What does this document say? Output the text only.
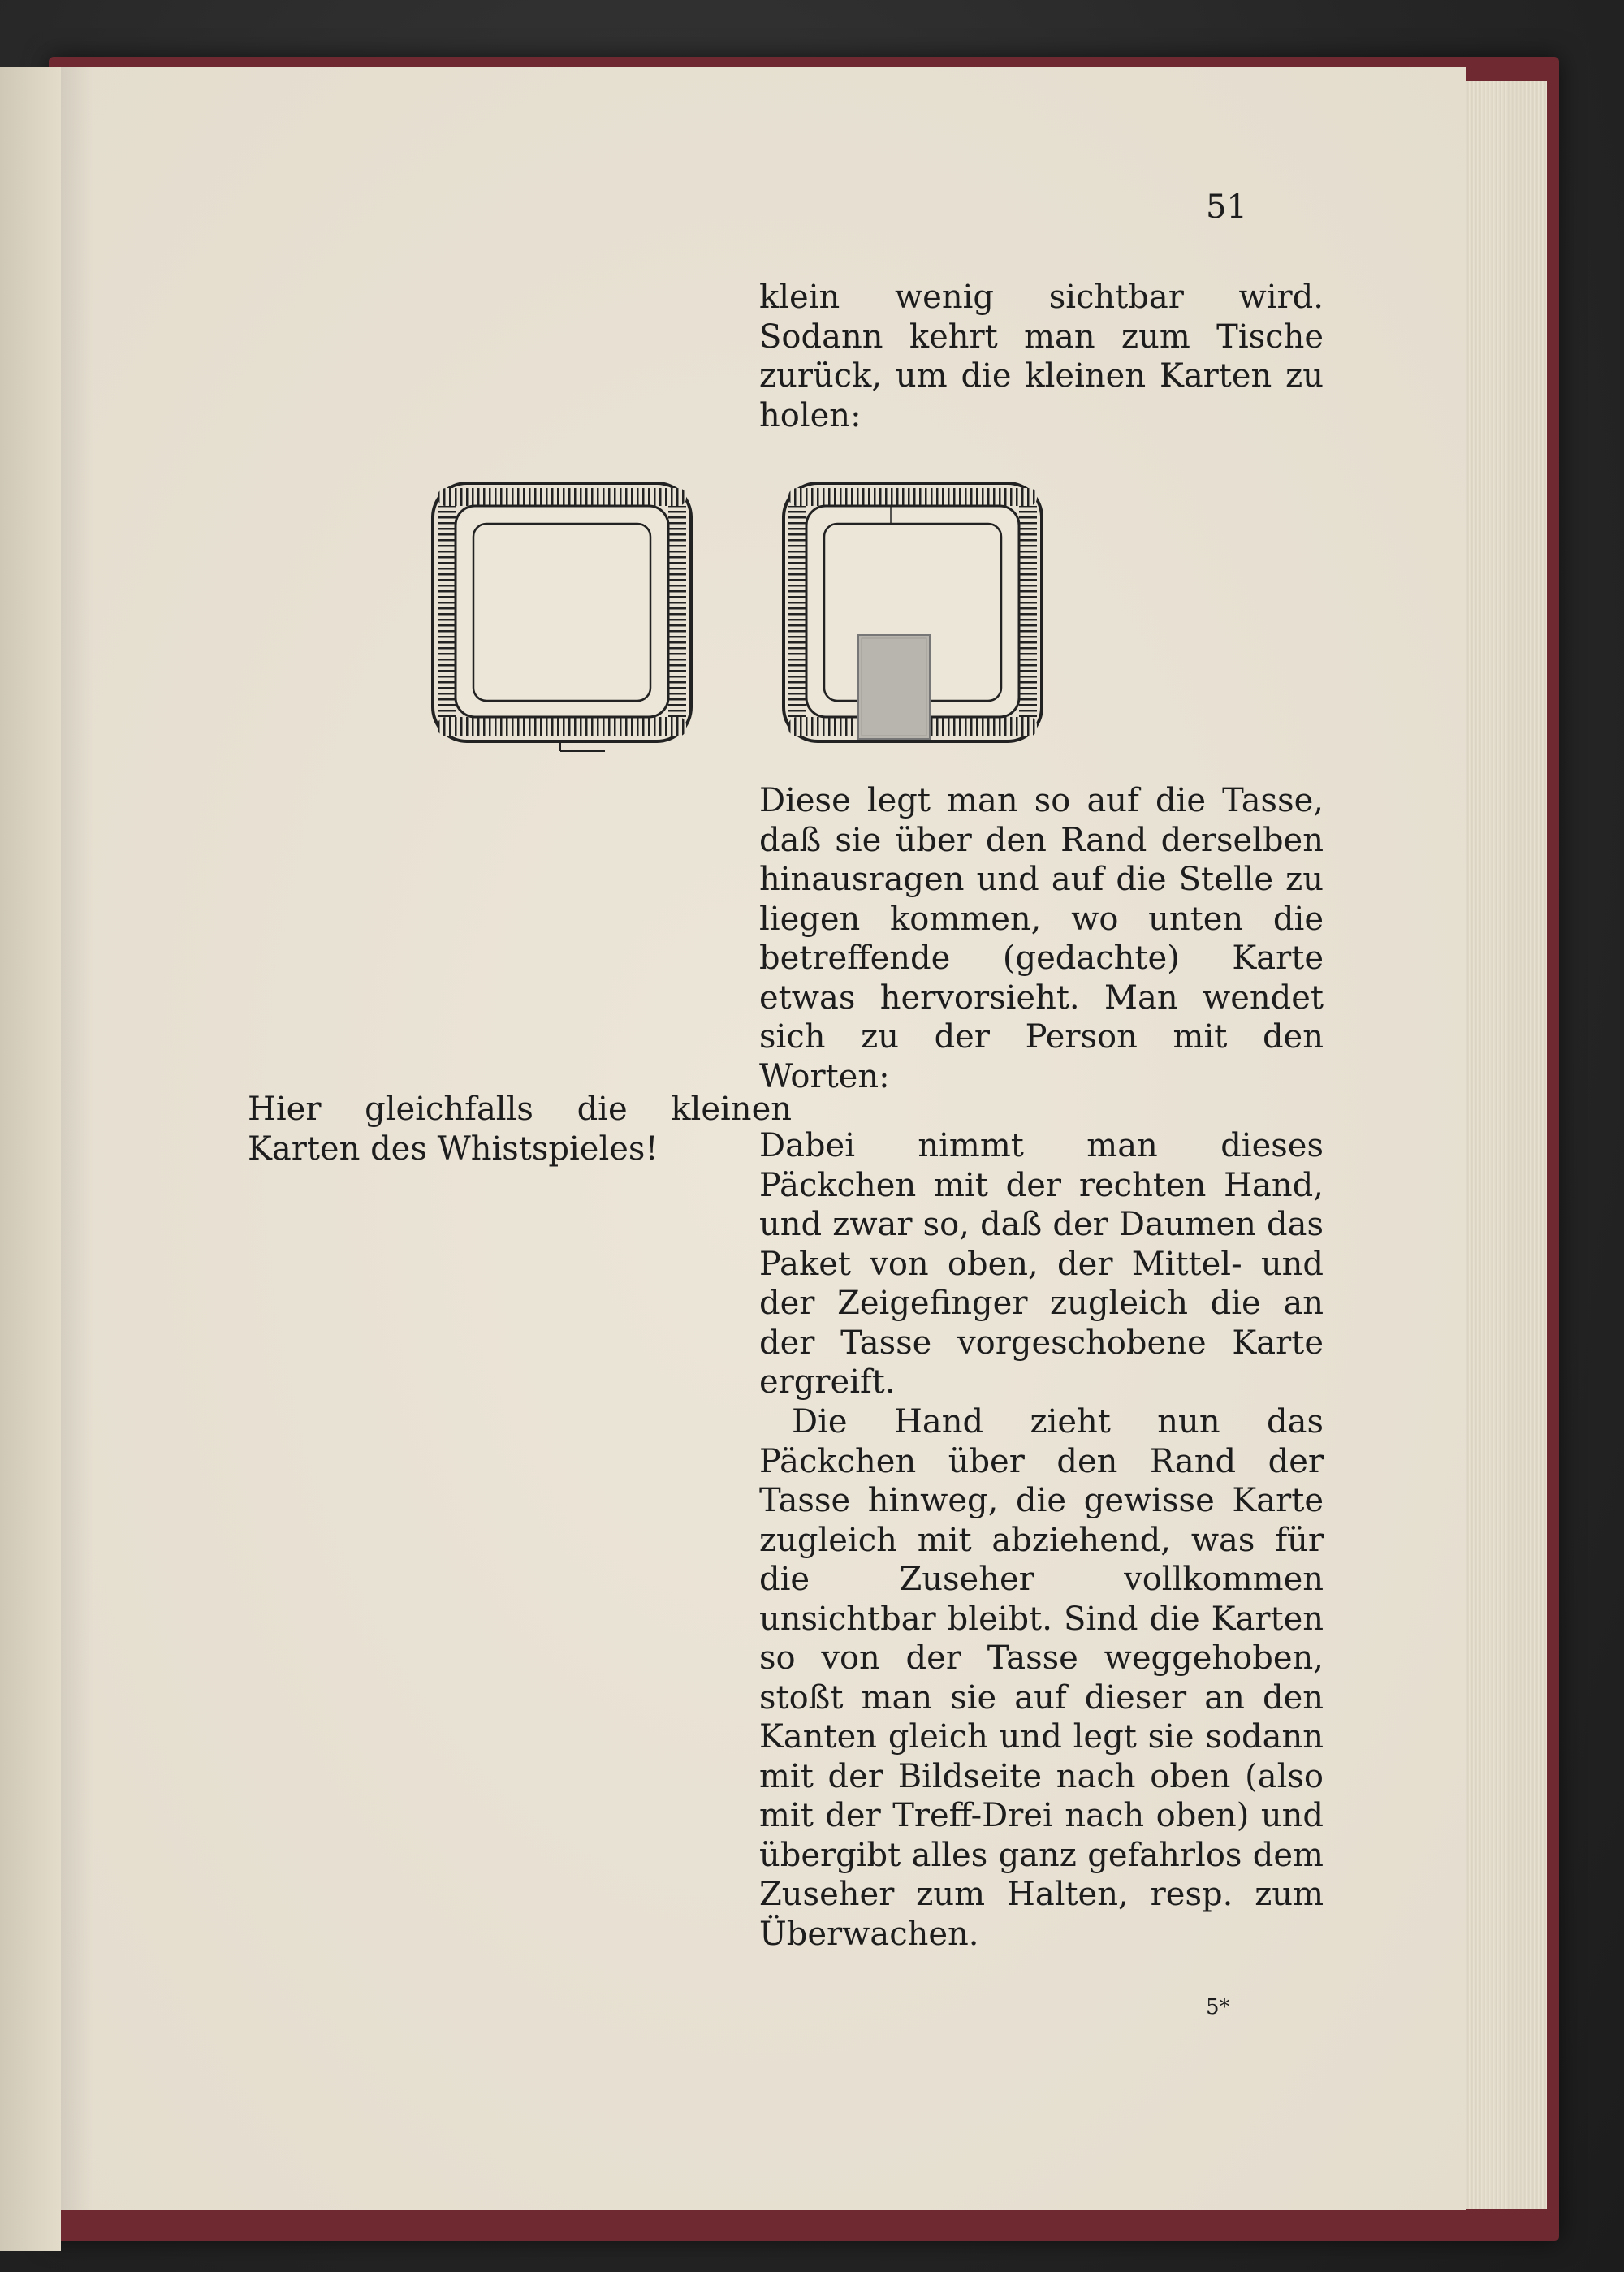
51
klein wenig sichtbar wird. Sodann kehrt man zum Tische zurück, um die kleinen Karten zu holen:
Diese legt man so auf die Tasse, daß sie über den Rand derselben hinausragen und auf die Stelle zu liegen kommen, wo unten die betreffende (gedachte) Karte etwas hervorsieht. Man wendet sich zu der Person mit den Worten:
Hier gleichfalls die kleinen Karten des Whistspieles!	Dabei nimmt man dieses Päckchen mit der rechten Hand, und zwar so, daß der Daumen das Paket von oben, der Mittel- und der Zeigefinger zugleich die an der Tasse vorgeschobene Karte ergreift.
Die Hand zieht nun das Päckchen über den Rand der Tasse hinweg, die gewisse Karte zugleich mit abziehend, was für die Zuseher vollkommen unsichtbar bleibt. Sind die Karten so von der Tasse weggehoben, stoßt man sie auf dieser an den Kanten gleich und legt sie sodann mit der Bildseite nach oben (also mit der Treff-Drei nach oben) und übergibt alles ganz gefahrlos dem Zuseher zum Halten, resp. zum Überwachen.
5*
